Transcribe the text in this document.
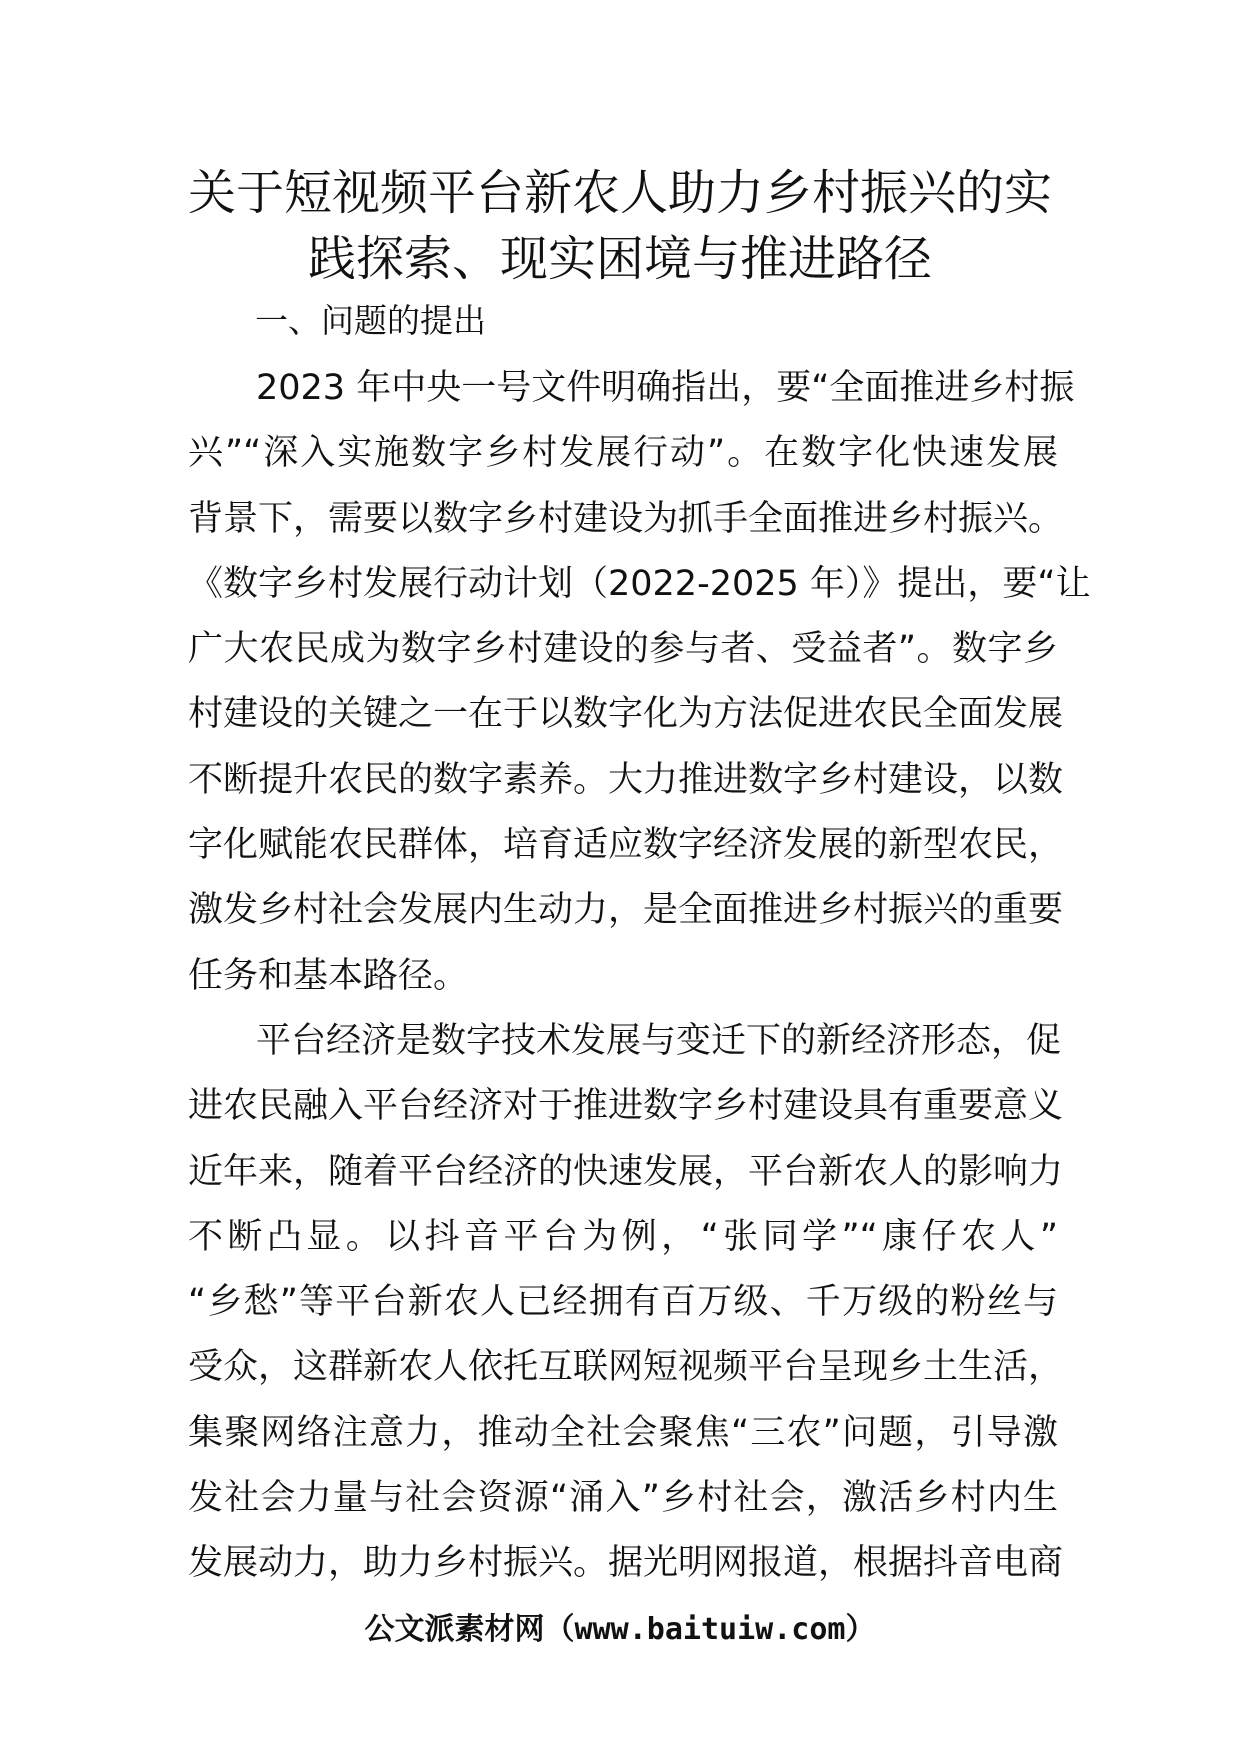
关于短视频平台新农人助力乡村振兴的实
践探索、现实困境与推进路径
一、问题的提出
2023 年中央一号文件明确指出，要“全面推进乡村振
兴”“深入实施数字乡村发展行动”。在数字化快速发展
背景下，需要以数字乡村建设为抓手全面推进乡村振兴。
《数字乡村发展行动计划（2022-2025 年）》提出，要“让
广大农民成为数字乡村建设的参与者、受益者”。数字乡
村建设的关键之一在于以数字化为方法促进农民全面发展
不断提升农民的数字素养。大力推进数字乡村建设，以数
字化赋能农民群体，培育适应数字经济发展的新型农民，
激发乡村社会发展内生动力，是全面推进乡村振兴的重要
任务和基本路径。
平台经济是数字技术发展与变迁下的新经济形态，促
进农民融入平台经济对于推进数字乡村建设具有重要意义
近年来，随着平台经济的快速发展，平台新农人的影响力
不断凸显。以抖音平台为例，“张同学”“康仔农人”
“乡愁”等平台新农人已经拥有百万级、千万级的粉丝与
受众，这群新农人依托互联网短视频平台呈现乡土生活，
集聚网络注意力，推动全社会聚焦“三农”问题，引导激
发社会力量与社会资源“涌入”乡村社会，激活乡村内生
发展动力，助力乡村振兴。据光明网报道，根据抖音电商
公文派素材网（www.baituiw.com）
